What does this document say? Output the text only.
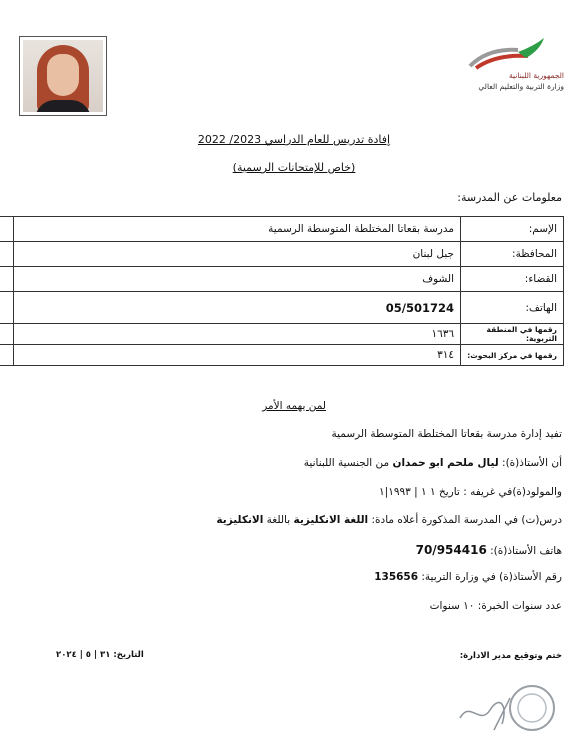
الجمهورية اللبنانية
وزارة التربية والتعليم العالي
إفادة تدريس للعام الدراسي 2023/ 2022
(خاص للإمتحانات الرسمية)
معلومات عن المدرسة:
الإسم:	مدرسة بقعاتا المختلطة المتوسطة الرسمية	
المحافظة:	جبل لبنان	
القضاء:	الشوف	
الهاتف:	05/501724	
رقمها في المنطقة التربوية:	١٦٣٦	
رقمها في مركز البحوث:	٣١٤	
لمن يهمه الأمر
تفيد إدارة مدرسة بقعاتا المختلطة المتوسطة الرسمية
أن الأستاذ(ة): ليال ملحم ابو حمدان من الجنسية اللبنانية
والمولود(ة)في غريفه : تاريخ ١ ١ | ١٩٩٣|١
درس(ت) في المدرسة المذكورة أعلاه مادة: اللغة الانكليزية باللغة الانكليزية
هاتف الأستاذ(ة): 70/954416
رقم الأستاذ(ة) في وزارة التربية: 135656
عدد سنوات الخبرة: ١٠ سنوات
ختم وتوقيع مدير الادارة:
التاريخ: ٣١ | ٥ | ٢٠٢٤
